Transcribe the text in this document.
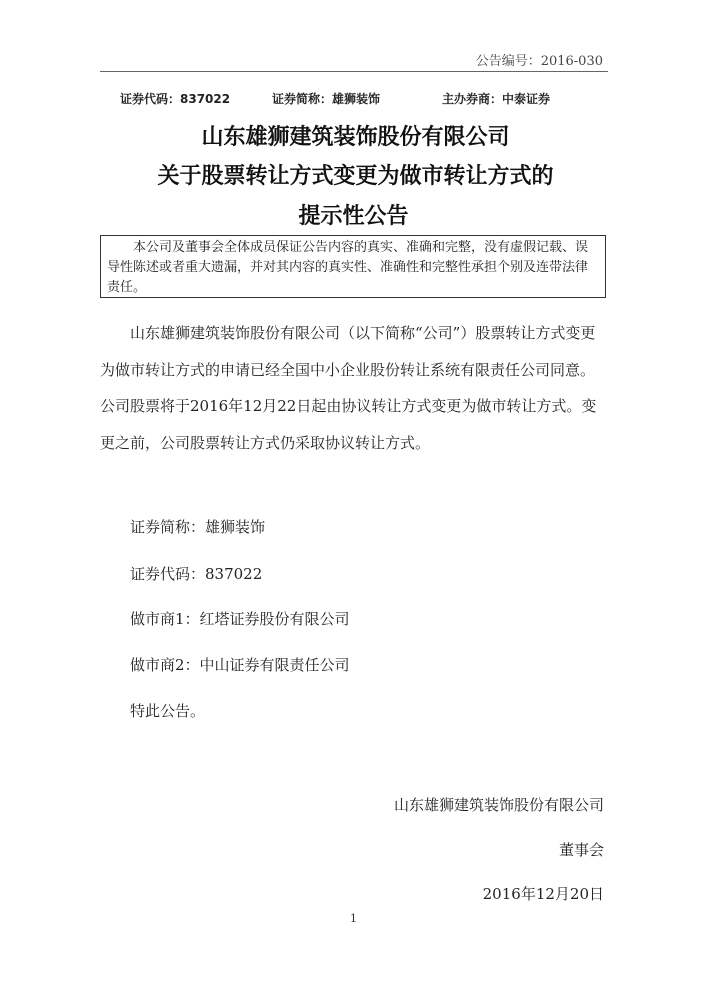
公告编号：2016-030
证券代码：837022	证券简称：雄狮装饰	主办券商：中泰证券
山东雄狮建筑装饰股份有限公司
关于股票转让方式变更为做市转让方式的
提示性公告

本公司及董事会全体成员保证公告内容的真实、准确和完整，没有虚假记载、误导性陈述或者重大遗漏，并对其内容的真实性、准确性和完整性承担个别及连带法律责任。

山东雄狮建筑装饰股份有限公司（以下简称“公司”）股票转让方式变更为做市转让方式的申请已经全国中小企业股份转让系统有限责任公司同意。公司股票将于2016年12月22日起由协议转让方式变更为做市转让方式。变更之前，公司股票转让方式仍采取协议转让方式。
证券简称：雄狮装饰
证券代码：837022
做市商1：红塔证券股份有限公司
做市商2：中山证券有限责任公司
特此公告。
山东雄狮建筑装饰股份有限公司
董事会
2016年12月20日
1
